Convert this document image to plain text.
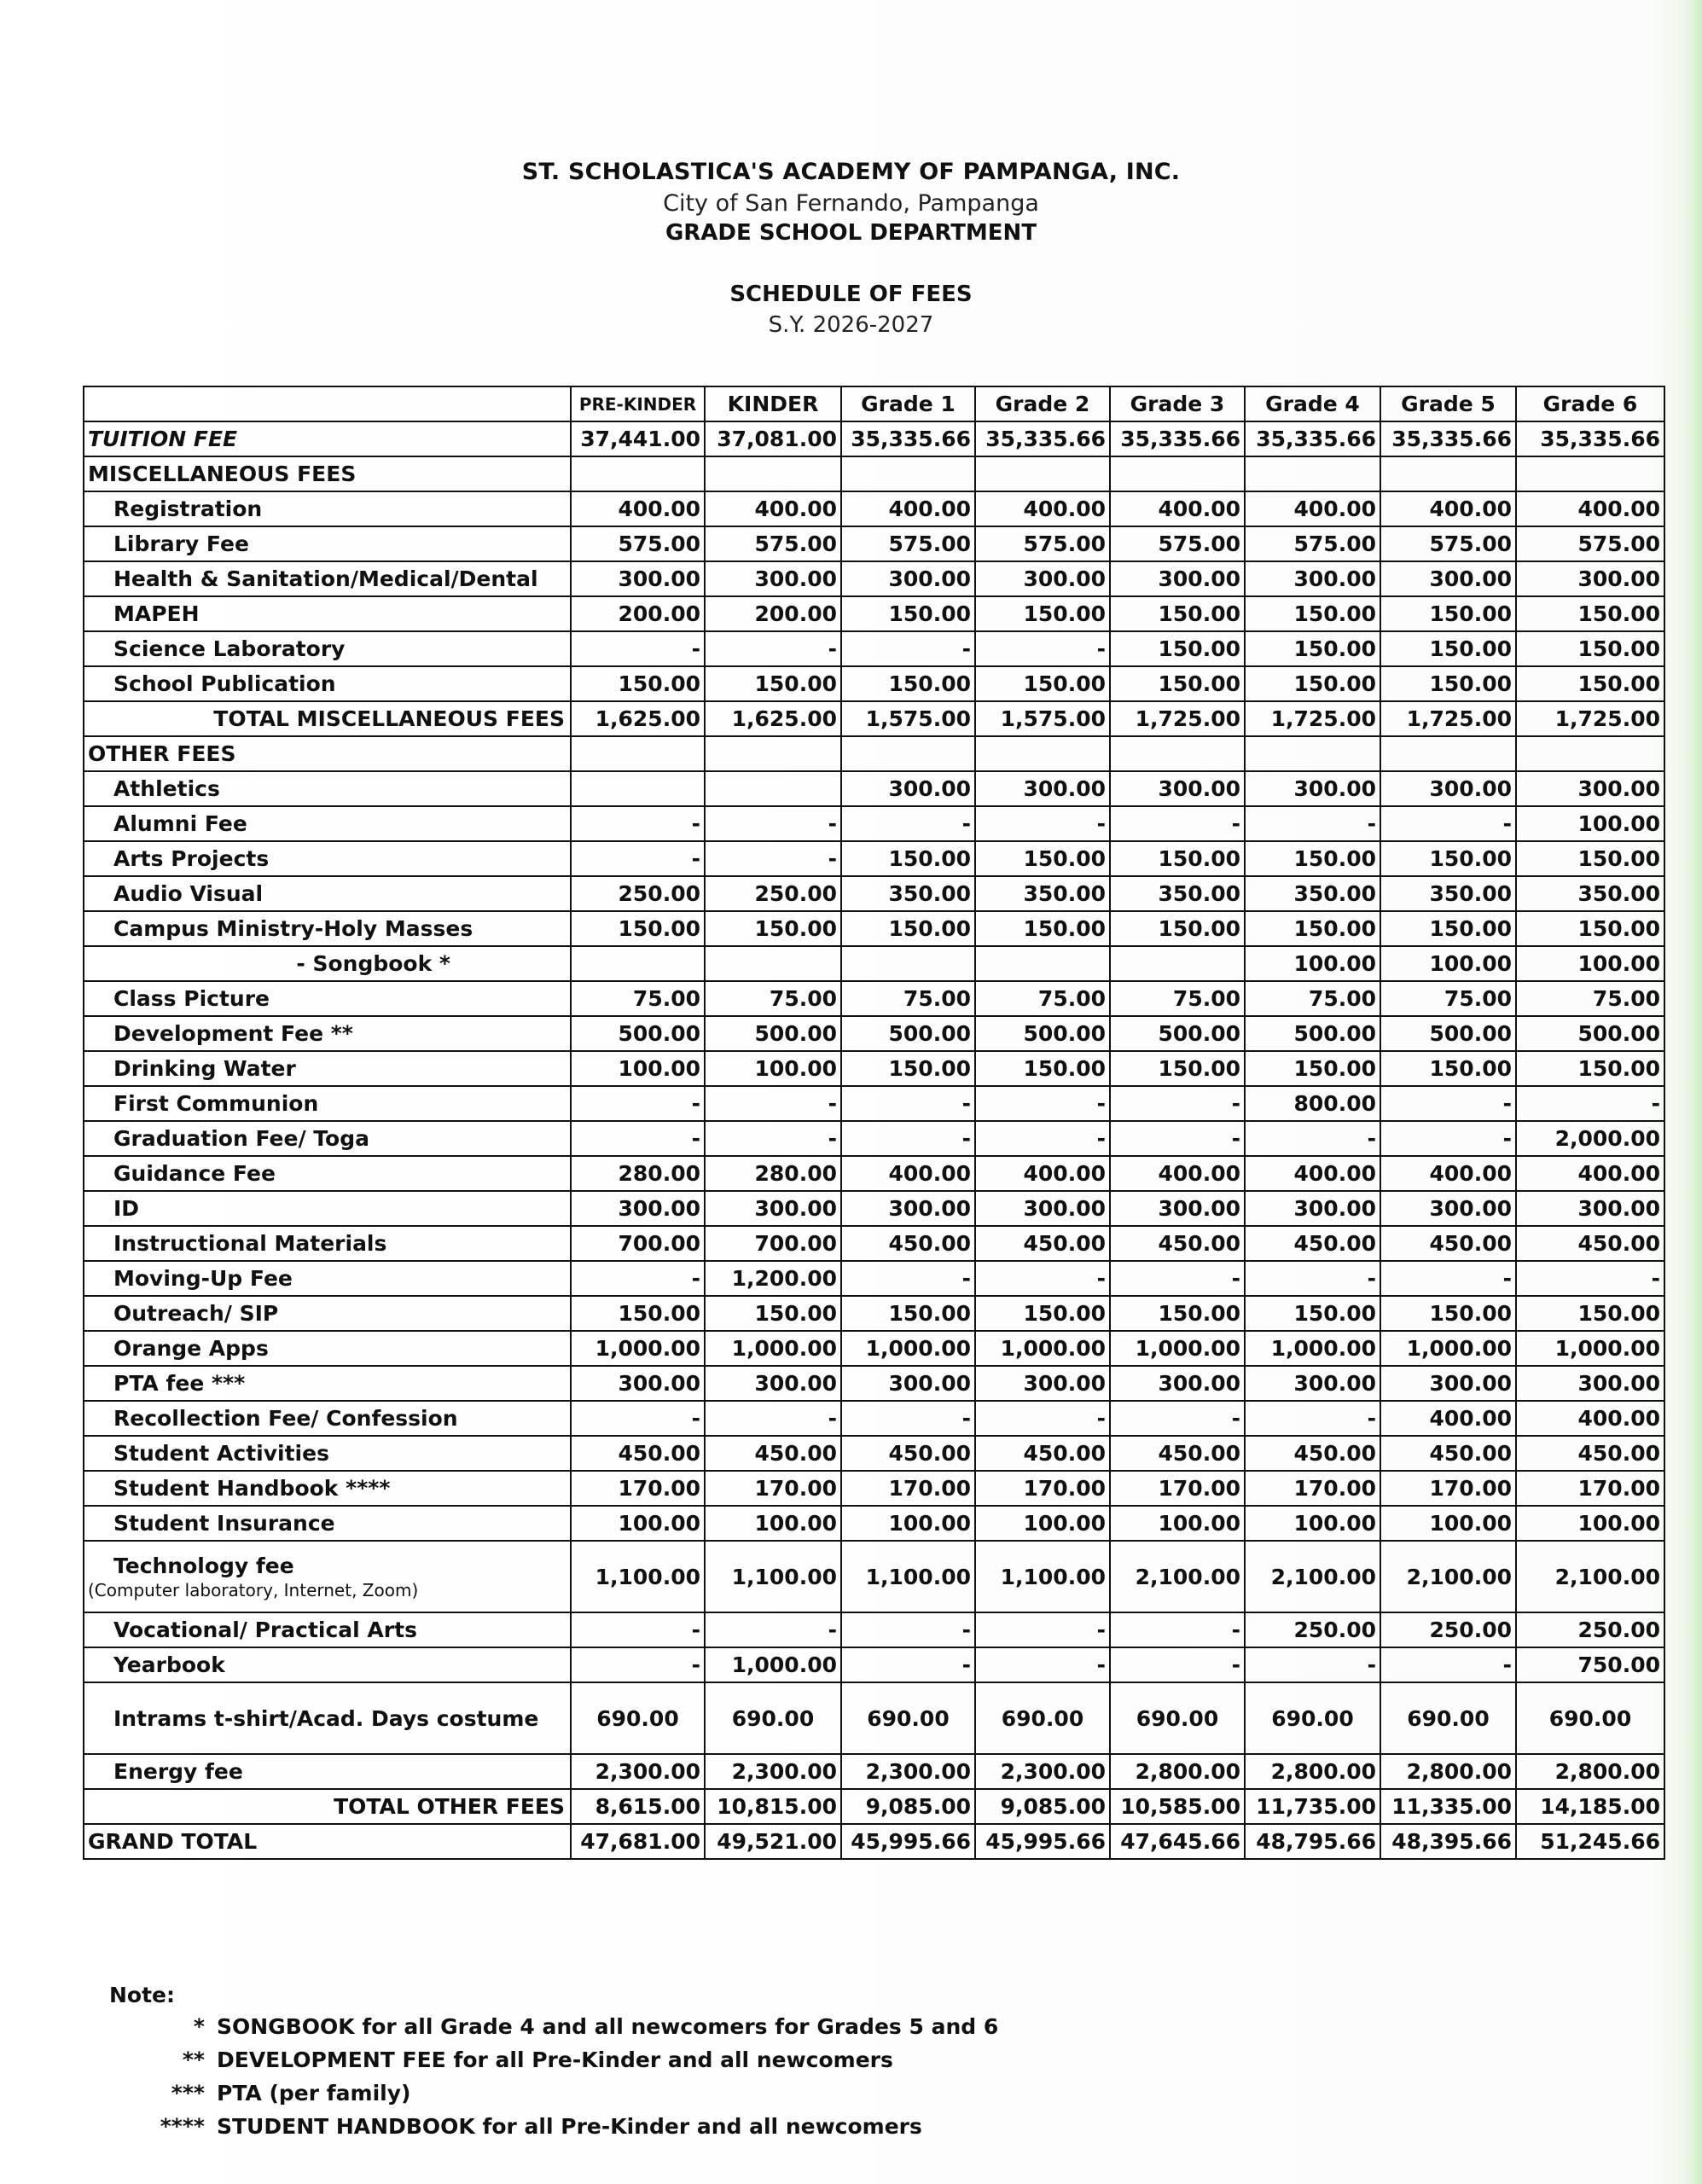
ST. SCHOLASTICA'S ACADEMY OF PAMPANGA, INC.
City of San Fernando, Pampanga
GRADE SCHOOL DEPARTMENT
SCHEDULE OF FEES
S.Y. 2026-2027
	PRE-KINDER	KINDER	Grade 1	Grade 2	Grade 3	Grade 4	Grade 5	Grade 6
TUITION FEE	37,441.00	37,081.00	35,335.66	35,335.66	35,335.66	35,335.66	35,335.66	35,335.66
MISCELLANEOUS FEES								
Registration	400.00	400.00	400.00	400.00	400.00	400.00	400.00	400.00
Library Fee	575.00	575.00	575.00	575.00	575.00	575.00	575.00	575.00
Health & Sanitation/Medical/Dental	300.00	300.00	300.00	300.00	300.00	300.00	300.00	300.00
MAPEH	200.00	200.00	150.00	150.00	150.00	150.00	150.00	150.00
Science Laboratory	-	-	-	-	150.00	150.00	150.00	150.00
School Publication	150.00	150.00	150.00	150.00	150.00	150.00	150.00	150.00
TOTAL MISCELLANEOUS FEES	1,625.00	1,625.00	1,575.00	1,575.00	1,725.00	1,725.00	1,725.00	1,725.00
OTHER FEES								
Athletics			300.00	300.00	300.00	300.00	300.00	300.00
Alumni Fee	-	-	-	-	-	-	-	100.00
Arts Projects	-	-	150.00	150.00	150.00	150.00	150.00	150.00
Audio Visual	250.00	250.00	350.00	350.00	350.00	350.00	350.00	350.00
Campus Ministry-Holy Masses	150.00	150.00	150.00	150.00	150.00	150.00	150.00	150.00
- Songbook *						100.00	100.00	100.00
Class Picture	75.00	75.00	75.00	75.00	75.00	75.00	75.00	75.00
Development Fee **	500.00	500.00	500.00	500.00	500.00	500.00	500.00	500.00
Drinking Water	100.00	100.00	150.00	150.00	150.00	150.00	150.00	150.00
First Communion	-	-	-	-	-	800.00	-	-
Graduation Fee/ Toga	-	-	-	-	-	-	-	2,000.00
Guidance Fee	280.00	280.00	400.00	400.00	400.00	400.00	400.00	400.00
ID	300.00	300.00	300.00	300.00	300.00	300.00	300.00	300.00
Instructional Materials	700.00	700.00	450.00	450.00	450.00	450.00	450.00	450.00
Moving-Up Fee	-	1,200.00	-	-	-	-	-	-
Outreach/ SIP	150.00	150.00	150.00	150.00	150.00	150.00	150.00	150.00
Orange Apps	1,000.00	1,000.00	1,000.00	1,000.00	1,000.00	1,000.00	1,000.00	1,000.00
PTA fee ***	300.00	300.00	300.00	300.00	300.00	300.00	300.00	300.00
Recollection Fee/ Confession	-	-	-	-	-	-	400.00	400.00
Student Activities	450.00	450.00	450.00	450.00	450.00	450.00	450.00	450.00
Student Handbook ****	170.00	170.00	170.00	170.00	170.00	170.00	170.00	170.00
Student Insurance	100.00	100.00	100.00	100.00	100.00	100.00	100.00	100.00
Technology fee
(Computer laboratory, Internet, Zoom)	1,100.00	1,100.00	1,100.00	1,100.00	2,100.00	2,100.00	2,100.00	2,100.00
Vocational/ Practical Arts	-	-	-	-	-	250.00	250.00	250.00
Yearbook	-	1,000.00	-	-	-	-	-	750.00
Intrams t-shirt/Acad. Days costume	690.00	690.00	690.00	690.00	690.00	690.00	690.00	690.00
Energy fee	2,300.00	2,300.00	2,300.00	2,300.00	2,800.00	2,800.00	2,800.00	2,800.00
TOTAL OTHER FEES	8,615.00	10,815.00	9,085.00	9,085.00	10,585.00	11,735.00	11,335.00	14,185.00
GRAND TOTAL	47,681.00	49,521.00	45,995.66	45,995.66	47,645.66	48,795.66	48,395.66	51,245.66
Note:
* SONGBOOK for all Grade 4 and all newcomers for Grades 5 and 6
** DEVELOPMENT FEE for all Pre-Kinder and all newcomers
*** PTA (per family)
**** STUDENT HANDBOOK for all Pre-Kinder and all newcomers
